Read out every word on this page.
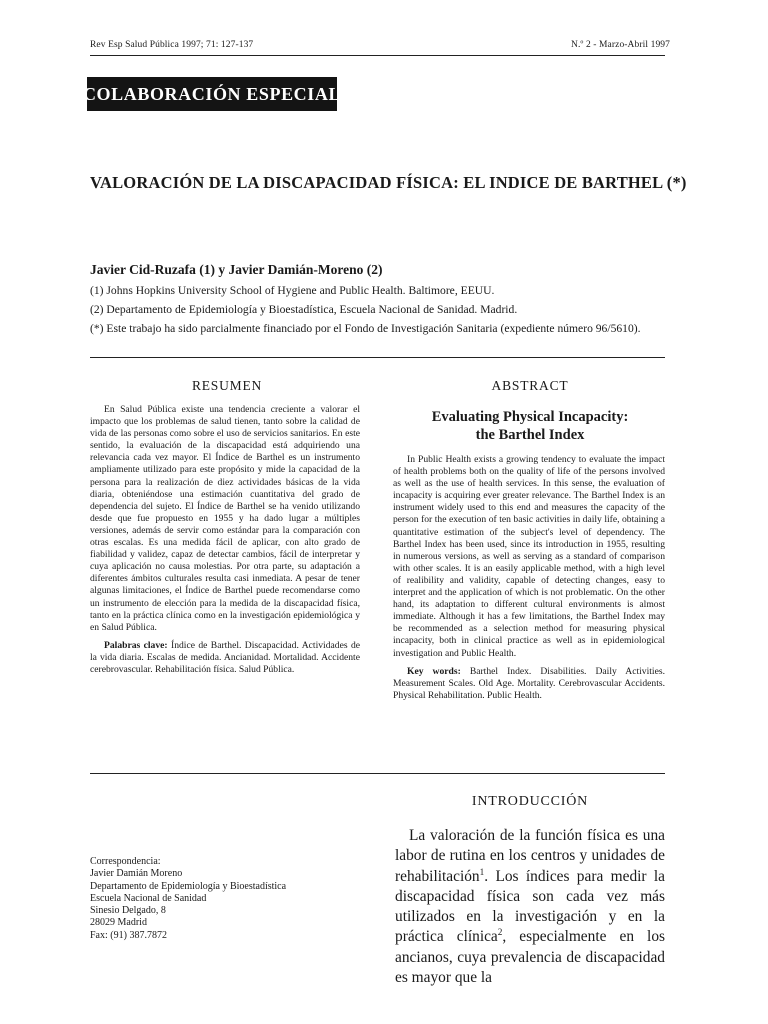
Rev Esp Salud Pública 1997; 71: 127-137	N.º 2 - Marzo-Abril 1997
COLABORACIÓN ESPECIAL
VALORACIÓN DE LA DISCAPACIDAD FÍSICA: EL INDICE DE BARTHEL (*)
Javier Cid-Ruzafa (1) y Javier Damián-Moreno (2)
(1) Johns Hopkins University School of Hygiene and Public Health. Baltimore, EEUU.
(2) Departamento de Epidemiología y Bioestadística, Escuela Nacional de Sanidad. Madrid.
(*) Este trabajo ha sido parcialmente financiado por el Fondo de Investigación Sanitaria (expediente número 96/5610).
RESUMEN	ABSTRACT

En Salud Pública existe una tendencia creciente a valorar el impacto que los problemas de salud tienen, tanto sobre la calidad de vida de las personas como sobre el uso de servicios sanitarios. En este sentido, la evaluación de la discapacidad está adquiriendo una relevancia cada vez mayor. El Índice de Barthel es un instrumento ampliamente utilizado para este propósito y mide la capacidad de la persona para la realización de diez actividades básicas de la vida diaria, obteniéndose una estimación cuantitativa del grado de dependencia del sujeto. El Índice de Barthel se ha venido utilizando desde que fue propuesto en 1955 y ha dado lugar a múltiples versiones, además de servir como estándar para la comparación con otras escalas. Es una medida fácil de aplicar, con alto grado de fiabilidad y validez, capaz de detectar cambios, fácil de interpretar y cuya aplicación no causa molestias. Por otra parte, su adaptación a diferentes ámbitos culturales resulta casi inmediata. A pesar de tener algunas limitaciones, el Índice de Barthel puede recomendarse como un instrumento de elección para la medida de la discapacidad física, tanto en la práctica clínica como en la investigación epidemiológica y en Salud Pública.

Palabras clave: Índice de Barthel. Discapacidad. Actividades de la vida diaria. Escalas de medida. Ancianidad. Mortalidad. Accidente cerebrovascular. Rehabilitación física. Salud Pública.

Evaluating Physical Incapacity:
the Barthel Index

In Public Health exists a growing tendency to evaluate the impact of health problems both on the quality of life of the persons involved as well as the use of health services. In this sense, the evaluation of incapacity is acquiring ever greater relevance. The Barthel Index is an instrument widely used to this end and measures the capacity of the person for the execution of ten basic activities in daily life, obtaining a quantitative estimation of the subject's level of dependency. The Barthel Index has been used, since its introduction in 1955, resulting in numerous versions, as well as serving as a standard of comparison with other scales. It is an easily applicable method, with a high level of realibility and validity, capable of detecting changes, easy to interpret and the application of which is not problematic. On the other hand, its adaptation to different cultural environments is almost immediate. Although it has a few limitations, the Barthel Index may be recommended as a selection method for measuring physical incapacity, both in clinical practice as well as in epidemiological investigation and Public Health.

Key words: Barthel Index. Disabilities. Daily Activities. Measurement Scales. Old Age. Mortality. Cerebrovascular Accidents. Physical Rehabilitation. Public Health.

INTRODUCCIÓN

La valoración de la función física es una labor de rutina en los centros y unidades de rehabilitación$^1$. Los índices para medir la discapacidad física son cada vez más utilizados en la investigación y en la práctica clínica$^2$, especialmente en los ancianos, cuya prevalencia de discapacidad es mayor que la

Correspondencia:
Javier Damián Moreno
Departamento de Epidemiología y Bioestadística
Escuela Nacional de Sanidad
Sinesio Delgado, 8
28029 Madrid
Fax: (91) 387.7872
